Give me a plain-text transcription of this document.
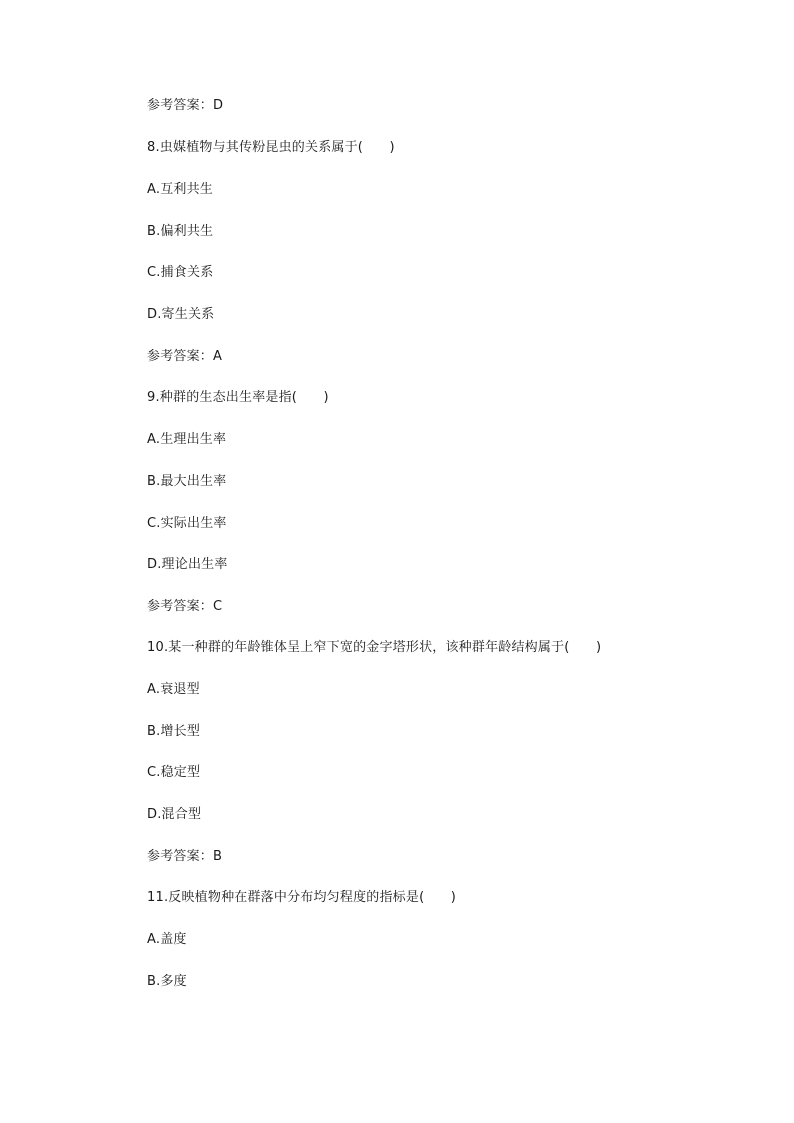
参考答案：D
8.虫媒植物与其传粉昆虫的关系属于(　　)
A.互利共生
B.偏利共生
C.捕食关系
D.寄生关系
参考答案：A
9.种群的生态出生率是指(　　)
A.生理出生率
B.最大出生率
C.实际出生率
D.理论出生率
参考答案：C
10.某一种群的年龄锥体呈上窄下宽的金字塔形状，该种群年龄结构属于(　　)
A.衰退型
B.增长型
C.稳定型
D.混合型
参考答案：B
11.反映植物种在群落中分布均匀程度的指标是(　　)
A.盖度
B.多度
